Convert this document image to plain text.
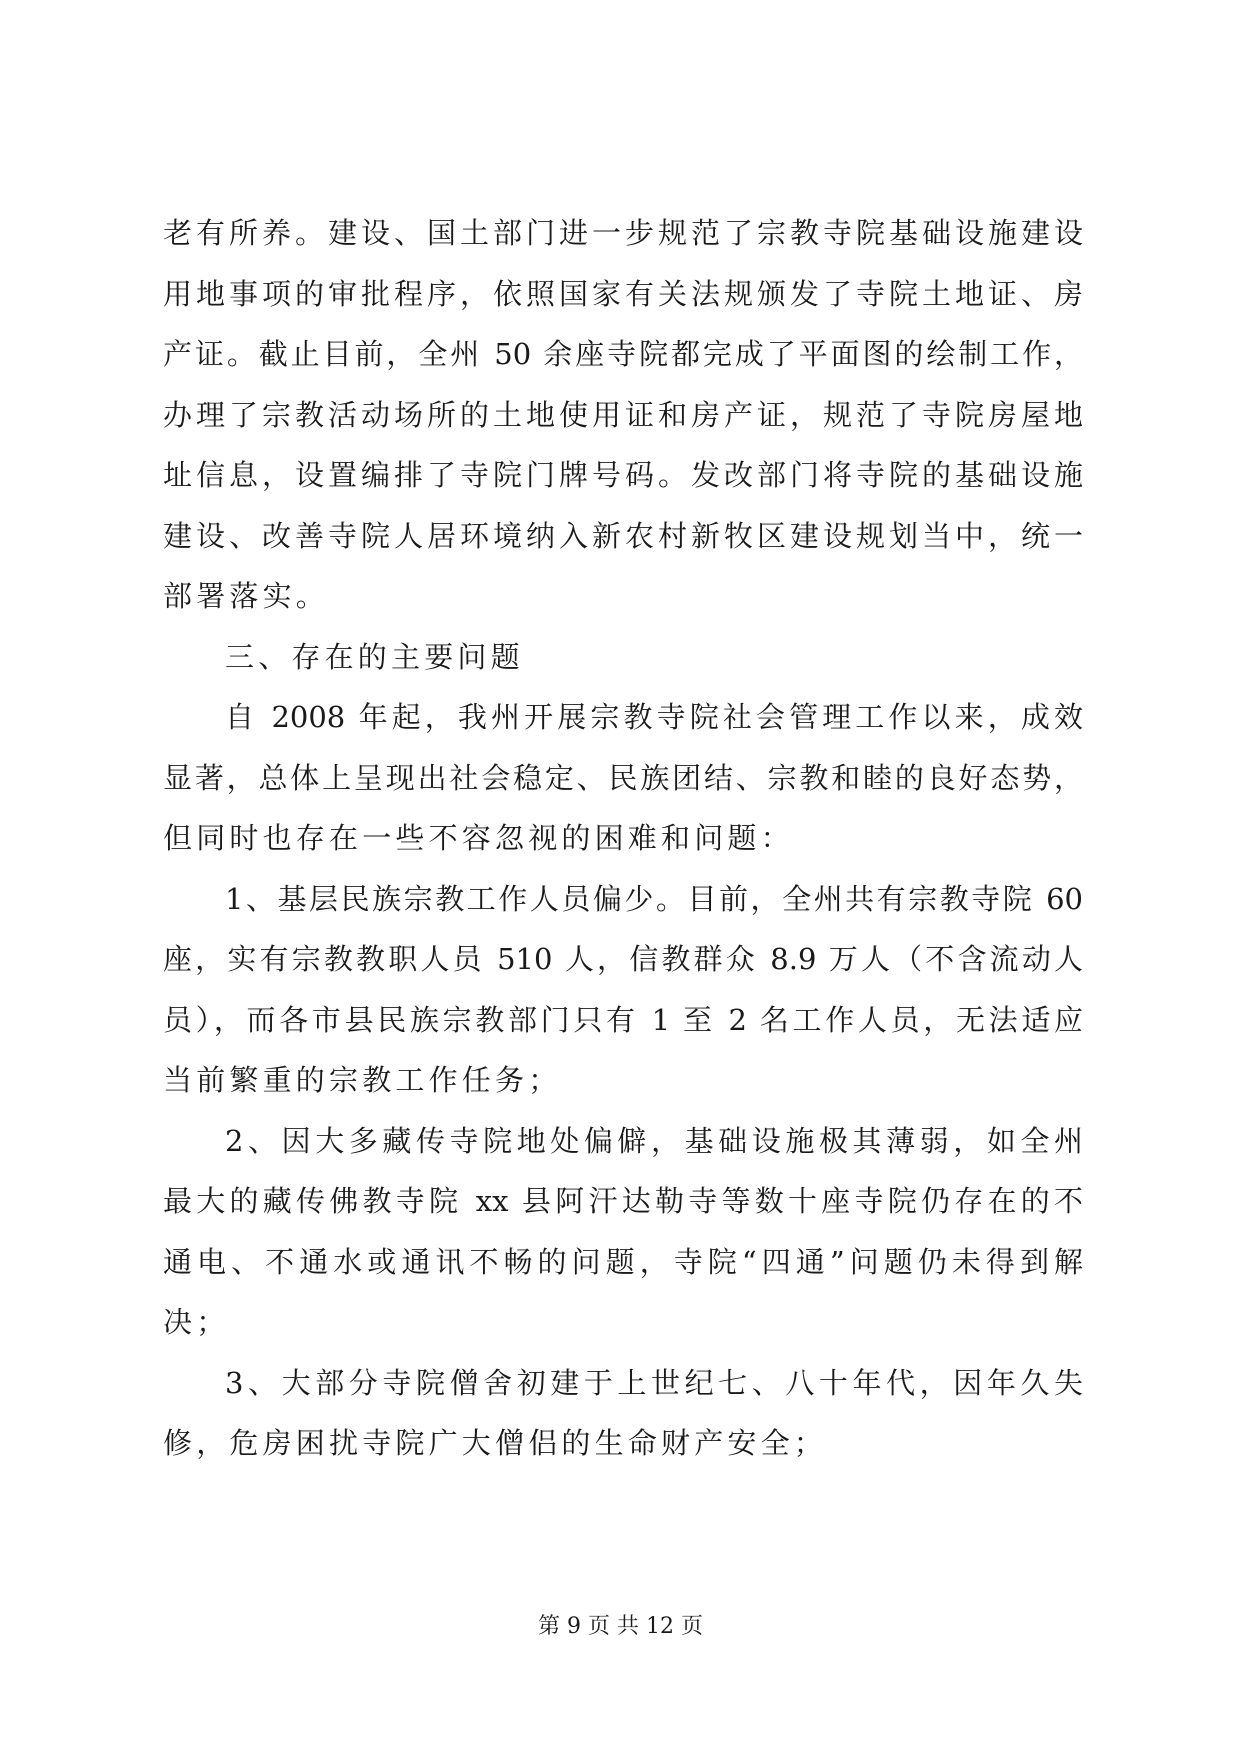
老有所养。建设、国土部门进一步规范了宗教寺院基础设施建设
用地事项的审批程序，依照国家有关法规颁发了寺院土地证、房
产证。截止目前，全州 50 余座寺院都完成了平面图的绘制工作，
办理了宗教活动场所的土地使用证和房产证，规范了寺院房屋地
址信息，设置编排了寺院门牌号码。发改部门将寺院的基础设施
建设、改善寺院人居环境纳入新农村新牧区建设规划当中，统一
部署落实。
三、存在的主要问题
自 2008 年起，我州开展宗教寺院社会管理工作以来，成效
显著，总体上呈现出社会稳定、民族团结、宗教和睦的良好态势，
但同时也存在一些不容忽视的困难和问题：
1、基层民族宗教工作人员偏少。目前，全州共有宗教寺院 60
座，实有宗教教职人员 510 人，信教群众 8.9 万人（不含流动人
员），而各市县民族宗教部门只有 1 至 2 名工作人员，无法适应
当前繁重的宗教工作任务；
2、因大多藏传寺院地处偏僻，基础设施极其薄弱，如全州
最大的藏传佛教寺院 xx 县阿汗达勒寺等数十座寺院仍存在的不
通电、不通水或通讯不畅的问题，寺院“四通”问题仍未得到解
决；
3、大部分寺院僧舍初建于上世纪七、八十年代，因年久失
修，危房困扰寺院广大僧侣的生命财产安全；
第 9 页 共 12 页
